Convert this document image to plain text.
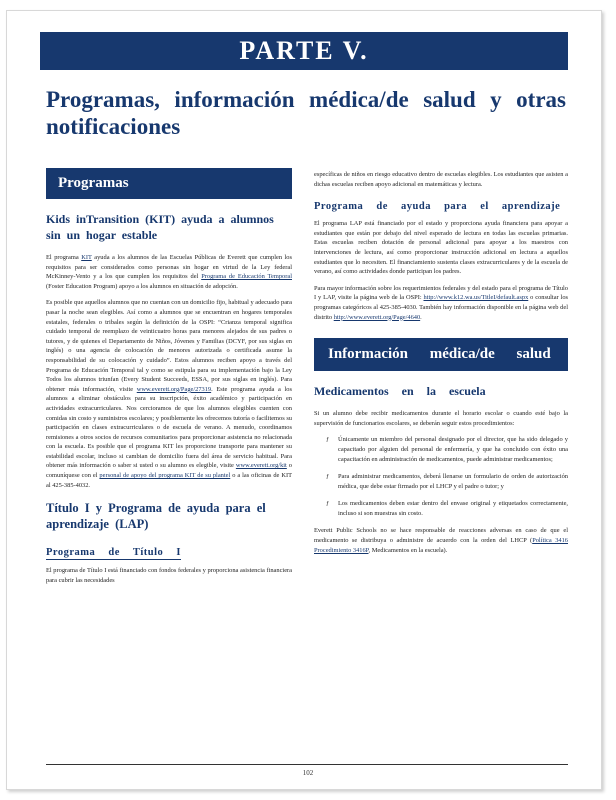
PARTE V.
Programas, información médica/de salud y otras notificaciones
Programas
Kids inTransition (KIT) ayuda a alumnos sin un hogar estable

El programa KIT ayuda a los alumnos de las Escuelas Públicas de Everett que cumplen los requisitos para ser considerados como personas sin hogar en virtud de la Ley federal McKinney-Vento y a los que cumplen los requisitos del Programa de Educación Temporal (Foster Education Program) apoyo a los alumnos en situación de adopción.

Es posible que aquellos alumnos que no cuentan con un domicilio fijo, habitual y adecuado para pasar la noche sean elegibles. Así como a alumnos que se encuentran en hogares temporales estatales, federales o tribales según la definición de la OSPI: “Crianza temporal significa cuidado temporal de reemplazo de veinticuatro horas para menores alejados de sus padres o tutores, y de quienes el Departamento de Niños, Jóvenes y Familias (DCYF, por sus siglas en inglés) o una agencia de colocación de menores autorizada o certificada asume la responsabilidad de su colocación y cuidado”. Estos alumnos reciben apoyo a través del Programa de Educación Temporal tal y como se estipula para su implementación bajo la Ley Todos los alumnos triunfan (Every Student Succeeds, ESSA, por sus siglas en inglés). Para obtener más información, visite www.everett.org/Page/27319. Este programa ayuda a los alumnos a eliminar obstáculos para su inscripción, éxito académico y participación en actividades extracurriculares. Nos cercioramos de que los alumnos elegibles cuenten con comidas sin costo y suministros escolares; y posiblemente les ofrecemos tutoría o facilitemos su participación en clases extracurriculares o de escuela de verano. A menudo, coordinamos remisiones a otros socios de recursos comunitarios para proporcionar asistencia no relacionada con la escuela. Es posible que el programa KIT les proporcione transporte para mantener su estabilidad escolar, incluso si cambian de domicilio fuera del área de servicio habitual. Para obtener más información o saber si usted o su alumno es elegible, visite www.everett.org/kit o comuníquese con el personal de apoyo del programa KIT de su plantel o a las oficinas de KIT al 425-385-4032.

Título I y Programa de ayuda para el aprendizaje (LAP)
Programa de Título I

El programa de Título I está financiado con fondos federales y proporciona asistencia financiera para cubrir las necesidades

específicas de niños en riesgo educativo dentro de escuelas elegibles. Los estudiantes que asisten a dichas escuelas reciben apoyo adicional en matemáticas y lectura.

Programa de ayuda para el aprendizaje

El programa LAP está financiado por el estado y proporciona ayuda financiera para apoyar a estudiantes que están por debajo del nivel esperado de lectura en todas las escuelas primarias. Estas escuelas reciben dotación de personal adicional para apoyar a los maestros con intervenciones de lectura, así como proporcionar instrucción adicional en lectura a aquellos estudiantes que lo necesiten. El financiamiento sustenta clases extracurriculares y de la escuela de verano, así como actividades donde participan los padres.

Para mayor información sobre los requerimientos federales y del estado para el programa de Título I y LAP, visite la página web de la OSPI: http://www.k12.wa.us/TitleI/default.aspx o consultar los programas categóricos al 425-385-4030. También hay información disponible en la página web del distrito http://www.everett.org/Page/4640.

Información médica/de salud
Medicamentos en la escuela

Si un alumno debe recibir medicamentos durante el horario escolar o cuando esté bajo la supervisión de funcionarios escolares, se deberán seguir estos procedimientos:

ƒ Únicamente un miembro del personal designado por el director, que ha sido delegado y capacitado por alguien del personal de enfermería, y que ha concluido con éxito una capacitación en administración de medicamentos, puede administrar medicamentos;
ƒ Para administrar medicamentos, deberá llenarse un formulario de orden de autorización médica, que debe estar firmado por el LHCP y el padre o tutor; y
ƒ Los medicamentos deben estar dentro del envase original y etiquetados correctamente, incluso si son muestras sin costo.

Everett Public Schools no se hace responsable de reacciones adversas en caso de que el medicamento se distribuya o administre de acuerdo con la orden del LHCP (Política 3416 Procedimiento 3416P, Medicamentos en la escuela).

102
